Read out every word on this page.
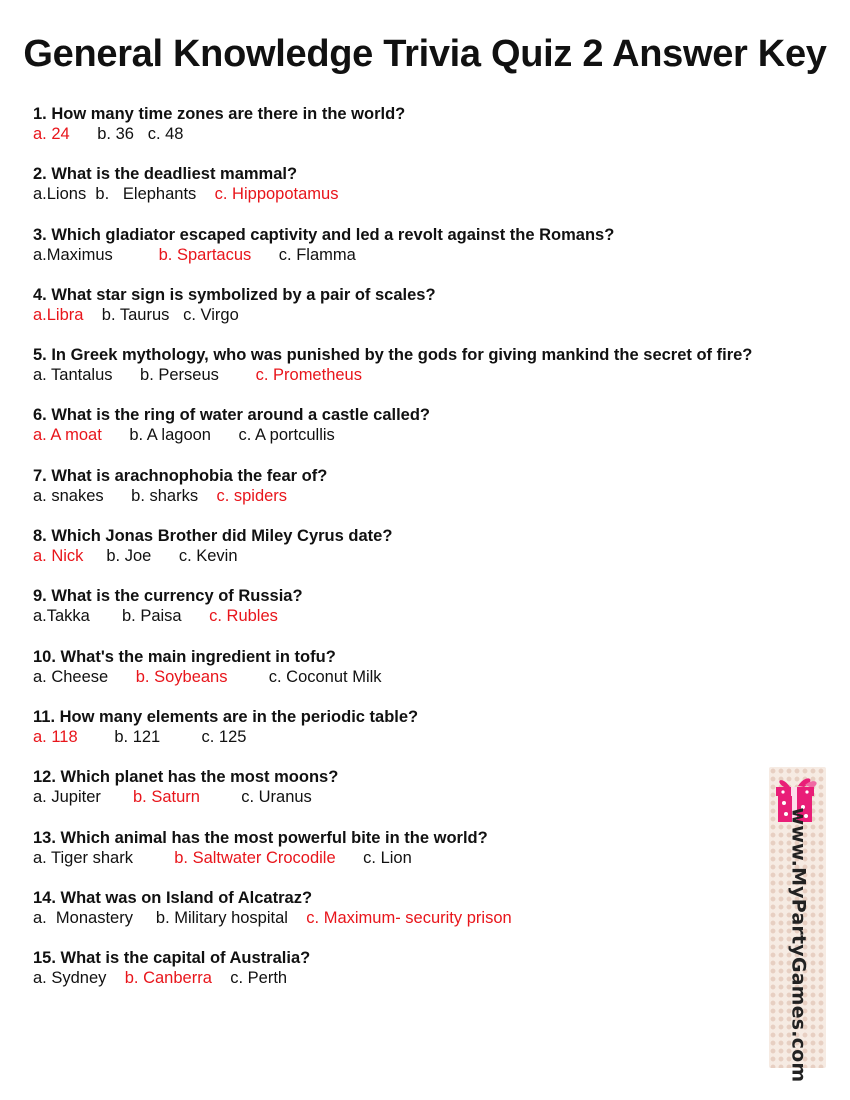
General Knowledge Trivia Quiz 2 Answer Key
1. How many time zones are there in the world?
a. 24 b. 36 c. 48
2. What is the deadliest mammal?
a.Lions b.   Elephants c. Hippopotamus
3. Which gladiator escaped captivity and led a revolt against the Romans?
a.Maximus	b. Spartacus c. Flamma
4. What star sign is symbolized by a pair of scales?
a.Libra b. Taurus c. Virgo
5. In Greek mythology, who was punished by the gods for giving mankind the secret of fire?
a. Tantalus b. Perseus c. Prometheus
6. What is the ring of water around a castle called?
a. A moat b. A lagoon c. A portcullis
7. What is arachnophobia the fear of?
a. snakes b. sharks c. spiders
8. Which Jonas Brother did Miley Cyrus date?
a. Nick b. Joe c. Kevin
9. What is the currency of Russia?
a.Takka b. Paisa c. Rubles
10. What's the main ingredient in tofu?
a. Cheese b. Soybeans	c. Coconut Milk
11. How many elements are in the periodic table?
a. 118 b. 121	c. 125
12. Which planet has the most moons?
a. Jupiter b. Saturn	c. Uranus
13. Which animal has the most powerful bite in the world?
a. Tiger shark	b. Saltwater Crocodile c. Lion
14. What was on Island of Alcatraz?
a.  Monastery b. Military hospital c. Maximum- security prison
15. What is the capital of Australia?
a. Sydney b. Canberra c. Perth	www.MyPartyGames.com
